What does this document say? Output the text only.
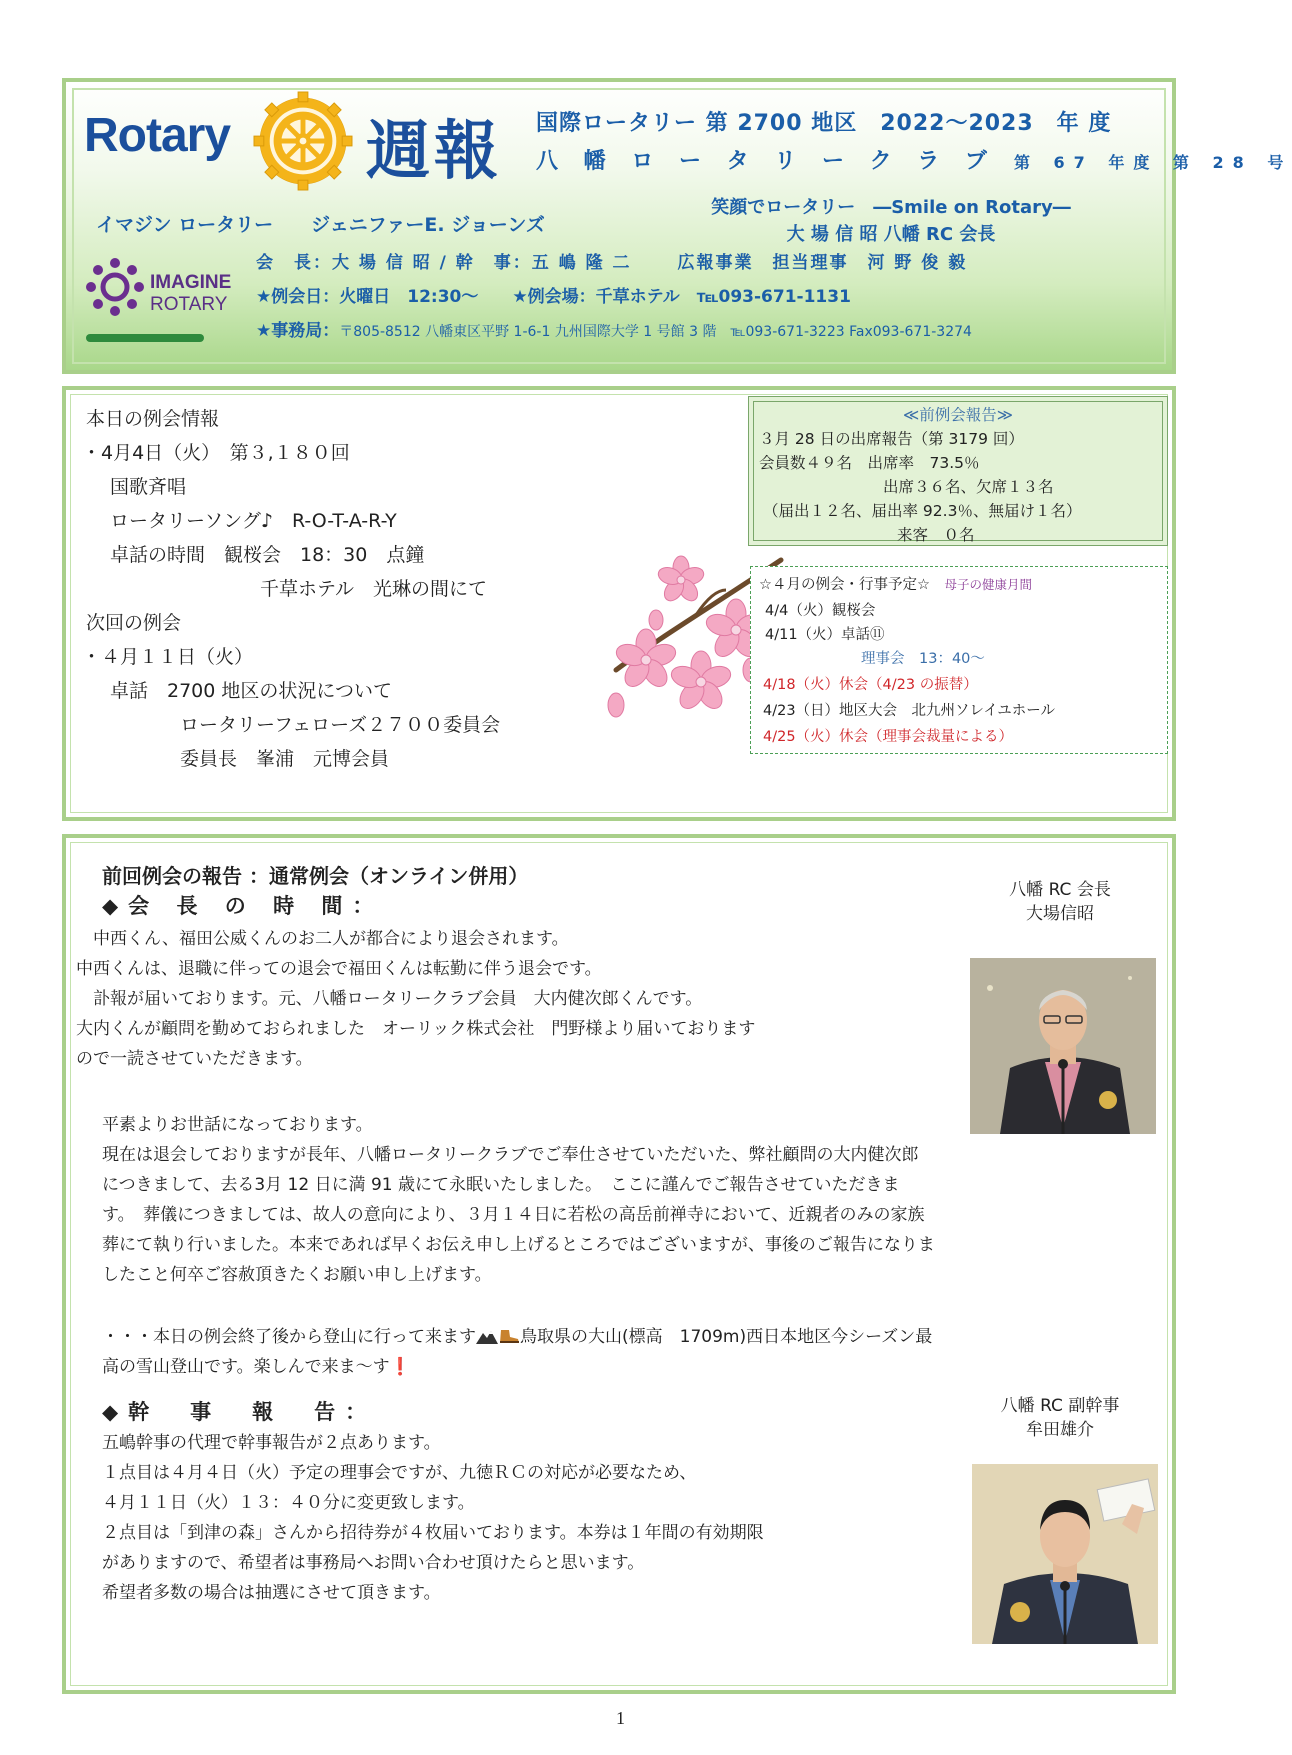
Rotary 週報 国際ロータリー 第 2700 地区　2022〜2023　年 度
八 幡 ロ ー タ リ ー ク ラ ブ 第 67 年度 第 28 号
イマジン ロータリー　　ジェニファーE. ジョーンズ
笑顔でロータリー　―Smile on Rotary―
大 場 信 昭 八幡 RC 会長
IMAGINE
ROTARY
会　長：大 場 信 昭 / 幹　事：五 嶋 隆 二　　 広報事業　担当理事　河 野 俊 毅
★例会日：火曜日　12:30〜　　★例会場：千草ホテル　℡093-671-1131
★事務局：〒805-8512 八幡東区平野 1-6-1 九州国際大学 1 号館 3 階　℡093-671-3223 Fax093-671-3274
本日の例会情報
・4月4日（火）　第３,１８０回
国歌斉唱
ロータリーソング♪　R-O-T-A-R-Y
卓話の時間　観桜会　18：30　点鐘
千草ホテル　光琳の間にて
次回の例会
・４月１１日（火）
卓話　2700 地区の状況について
ロータリーフェローズ２７００委員会
委員長　峯浦　元博会員
≪前例会報告≫
３月 28 日の出席報告（第 3179 回）
会員数４９名　出席率　73.5％
出席３６名、欠席１３名
（届出１２名、届出率 92.3％、無届け１名）
来客　０名
☆４月の例会・行事予定☆　 母子の健康月間
4/4（火）観桜会
4/11（火）卓話⑪
理事会　13：40〜
4/18（火）休会（4/23 の振替）
4/23（日）地区大会　北九州ソレイユホール
4/25（火）休会（理事会裁量による）
前回例会の報告 ：通常例会（オンライン併用）
◆会 長 の 時 間：
　中西くん、福田公威くんのお二人が都合により退会されます。
中西くんは、退職に伴っての退会で福田くんは転勤に伴う退会です。
　訃報が届いております。元、八幡ロータリークラブ会員　大内健次郎くんです。
大内くんが顧問を勤めておられました　オーリック株式会社　門野様より届いております
ので一読させていただきます。
平素よりお世話になっております。
現在は退会しておりますが長年、八幡ロータリークラブでご奉仕させていただいた、弊社顧問の大内健次郎
につきまして、去る3月 12 日に満 91 歳にて永眠いたしました。　ここに謹んでご報告させていただきま
す。　葬儀につきましては、故人の意向により、３月１４日に若松の高岳前禅寺において、近親者のみの家族
葬にて執り行いました。本来であれば早くお伝え申し上げるところではございますが、事後のご報告になりま
したこと何卒ご容赦頂きたくお願い申し上げます。
・・・本日の例会終了後から登山に行って来ます	鳥取県の大山(標高　1709m)西日本地区今シーズン最
高の雪山登山です。楽しんで来ま〜す❗
八幡 RC 会長
大場信昭
◆幹　事　報　告：	八幡 RC 副幹事
牟田雄介
五嶋幹事の代理で幹事報告が２点あります。
１点目は４月４日（火）予定の理事会ですが、九徳ＲＣの対応が必要なため、
４月１１日（火）１３：４０分に変更致します。
２点目は「到津の森」さんから招待券が４枚届いております。本券は１年間の有効期限
がありますので、希望者は事務局へお問い合わせ頂けたらと思います。
希望者多数の場合は抽選にさせて頂きます。
1
